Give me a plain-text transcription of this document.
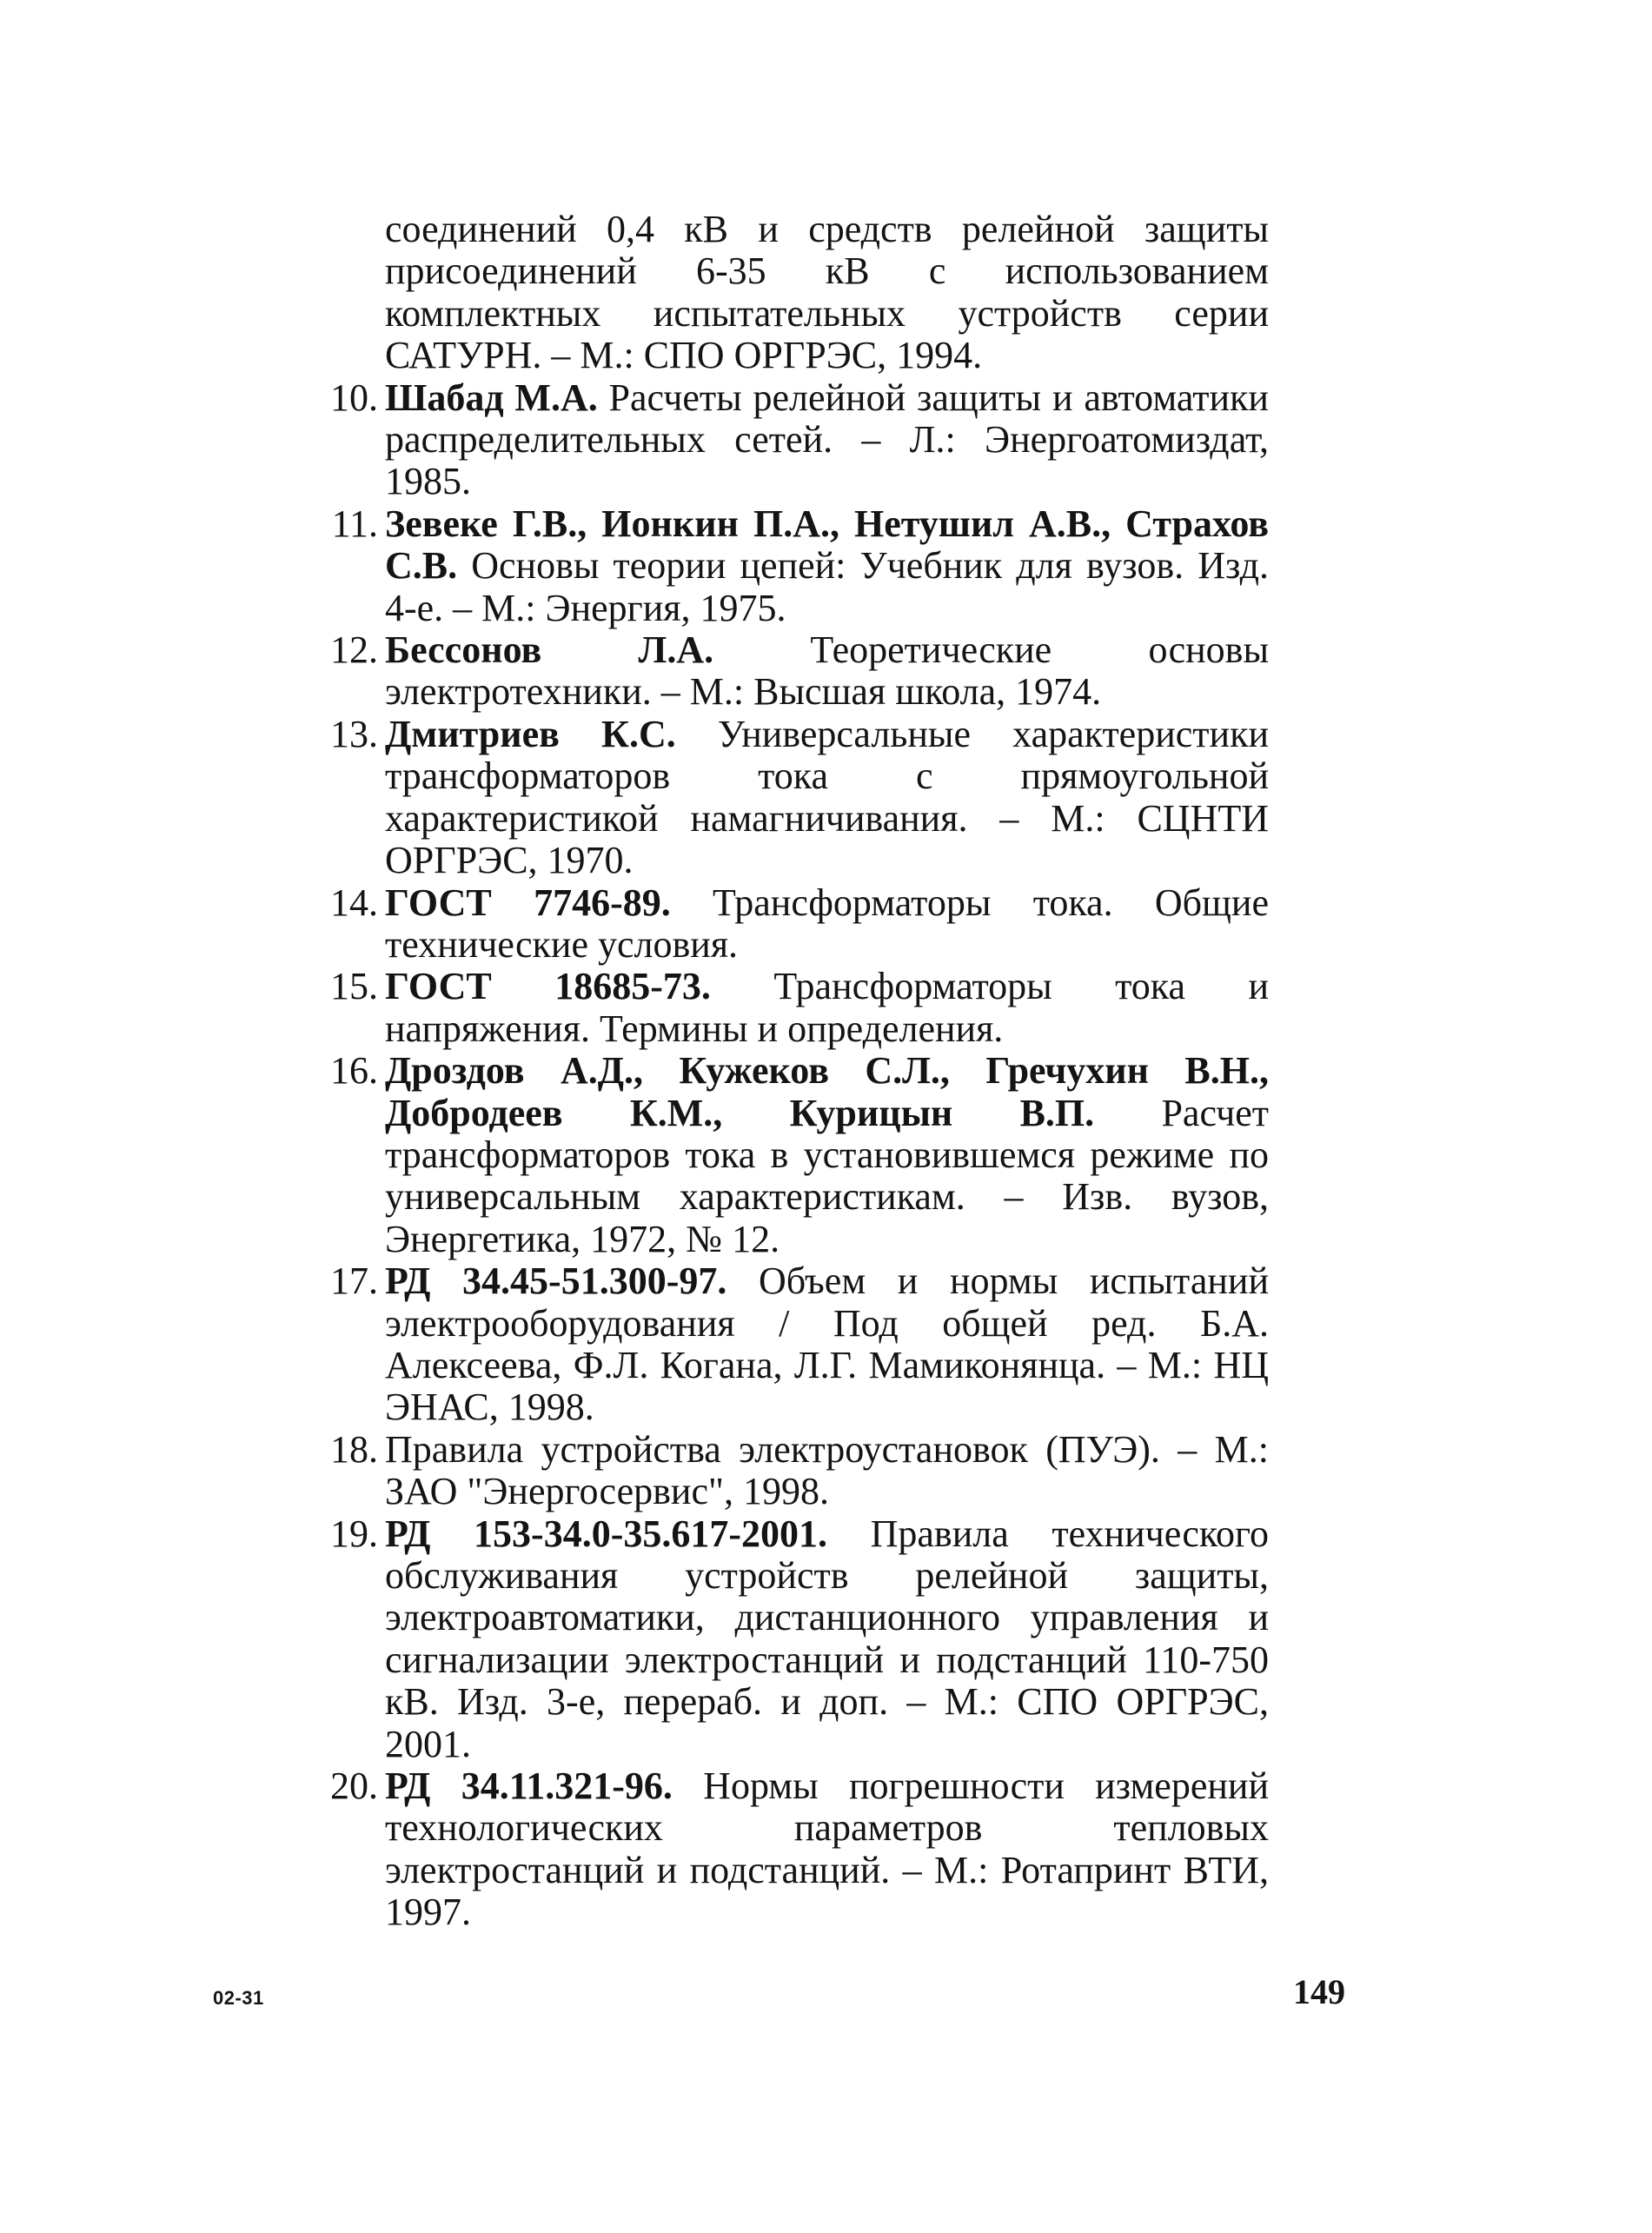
соединений 0,4 кВ и средств релейной защиты присоединений 6-35 кВ с использованием комплектных испытательных устройств серии САТУРН. – М.: СПО ОРГРЭС, 1994.
10. Шабад М.А. Расчеты релейной защиты и автоматики распределительных сетей. – Л.: Энергоатомиздат, 1985.
11. Зевеке Г.В., Ионкин П.А., Нетушил А.В., Страхов С.В. Основы теории цепей: Учебник для вузов. Изд. 4-е. – М.: Энергия, 1975.
12. Бессонов Л.А. Теоретические основы электротехники. – М.: Высшая школа, 1974.
13. Дмитриев К.С. Универсальные характеристики трансформаторов тока с прямоугольной характеристикой намагничивания. – М.: СЦНТИ ОРГРЭС, 1970.
14. ГОСТ 7746-89. Трансформаторы тока. Общие технические условия.
15. ГОСТ 18685-73. Трансформаторы тока и напряжения. Термины и определения.
16. Дроздов А.Д., Кужеков С.Л., Гречухин В.Н., Добродеев К.М., Курицын В.П. Расчет трансформаторов тока в установившемся режиме по универсальным характеристикам. – Изв. вузов, Энергетика, 1972, № 12.
17. РД 34.45-51.300-97. Объем и нормы испытаний электрооборудования / Под общей ред. Б.А. Алексеева, Ф.Л. Когана, Л.Г. Мамиконянца. – М.: НЦ ЭНАС, 1998.
18. Правила устройства электроустановок (ПУЭ). – М.: ЗАО "Энергосервис", 1998.
19. РД 153-34.0-35.617-2001. Правила технического обслуживания устройств релейной защиты, электроавтоматики, дистанционного управления и сигнализации электростанций и подстанций 110-750 кВ. Изд. 3-е, перераб. и доп. – М.: СПО ОРГРЭС, 2001.
20. РД 34.11.321-96. Нормы погрешности измерений технологических параметров тепловых электростанций и подстанций. – М.: Ротапринт ВТИ, 1997.
02-31	149
